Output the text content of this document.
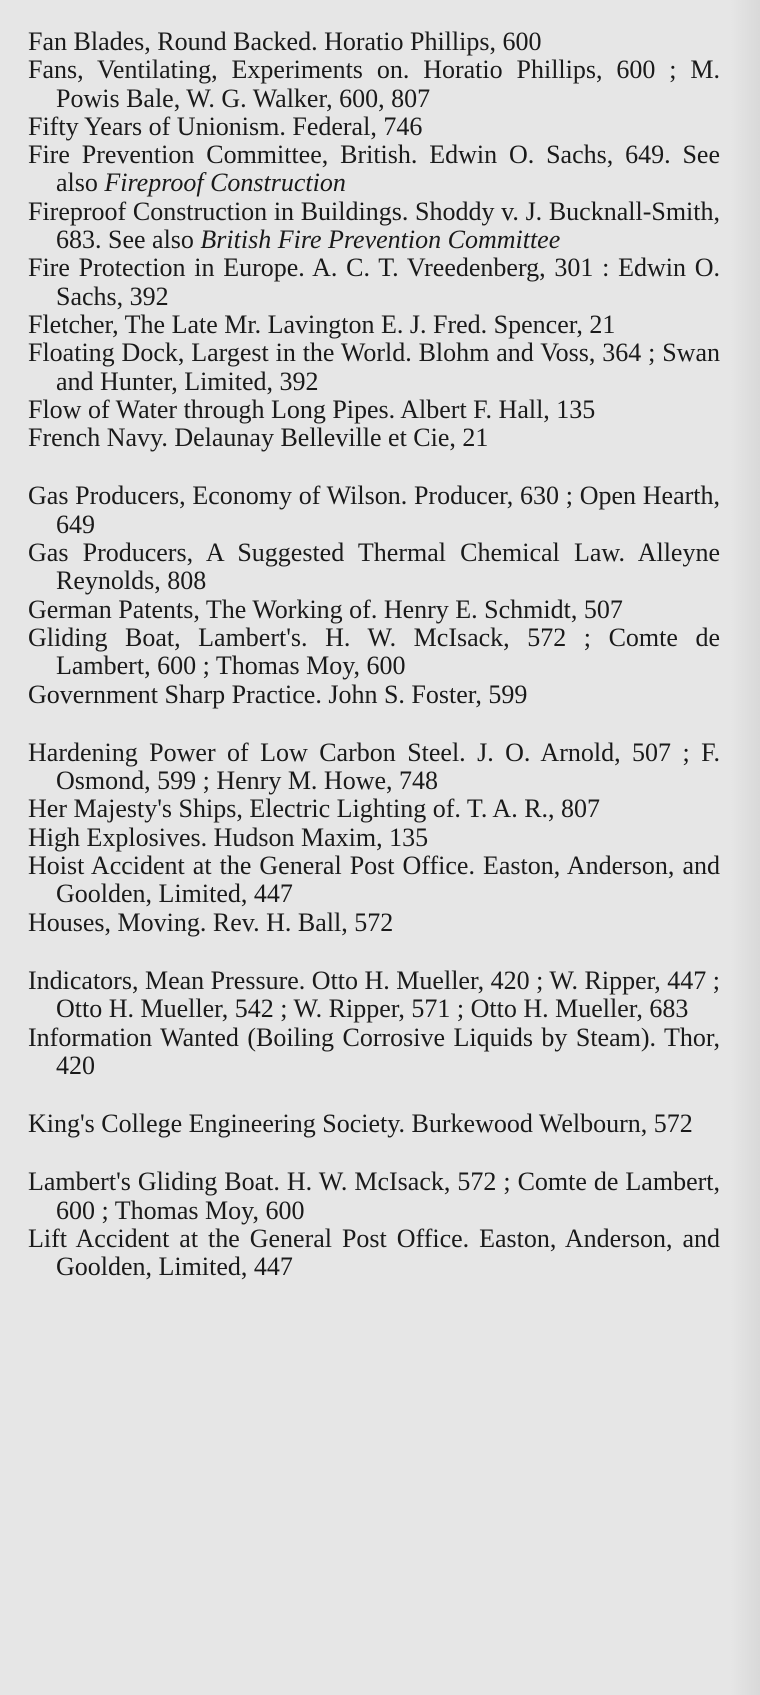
Fan Blades, Round Backed. Horatio Phillips, 600

Fans, Ventilating, Experiments on. Horatio Phillips, 600 ; M. Powis Bale, W. G. Walker, 600, 807

Fifty Years of Unionism. Federal, 746

Fire Prevention Committee, British. Edwin O. Sachs, 649. See also Fireproof Construction

Fireproof Construction in Buildings. Shoddy v. J. Bucknall-Smith, 683. See also British Fire Prevention Committee

Fire Protection in Europe. A. C. T. Vreedenberg, 301 : Edwin O. Sachs, 392

Fletcher, The Late Mr. Lavington E. J. Fred. Spencer, 21

Floating Dock, Largest in the World. Blohm and Voss, 364 ; Swan and Hunter, Limited, 392

Flow of Water through Long Pipes. Albert F. Hall, 135

French Navy. Delaunay Belleville et Cie, 21

Gas Producers, Economy of Wilson. Producer, 630 ; Open Hearth, 649

Gas Producers, A Suggested Thermal Chemical Law. Alleyne Reynolds, 808

German Patents, The Working of. Henry E. Schmidt, 507

Gliding Boat, Lambert's. H. W. McIsack, 572 ; Comte de Lambert, 600 ; Thomas Moy, 600

Government Sharp Practice. John S. Foster, 599

Hardening Power of Low Carbon Steel. J. O. Arnold, 507 ; F. Osmond, 599 ; Henry M. Howe, 748

Her Majesty's Ships, Electric Lighting of. T. A. R., 807

High Explosives. Hudson Maxim, 135

Hoist Accident at the General Post Office. Easton, Anderson, and Goolden, Limited, 447

Houses, Moving. Rev. H. Ball, 572

Indicators, Mean Pressure. Otto H. Mueller, 420 ; W. Ripper, 447 ; Otto H. Mueller, 542 ; W. Ripper, 571 ; Otto H. Mueller, 683

Information Wanted (Boiling Corrosive Liquids by Steam). Thor, 420

King's College Engineering Society. Burkewood Welbourn, 572

Lambert's Gliding Boat. H. W. McIsack, 572 ; Comte de Lambert, 600 ; Thomas Moy, 600

Lift Accident at the General Post Office. Easton, Anderson, and Goolden, Limited, 447
